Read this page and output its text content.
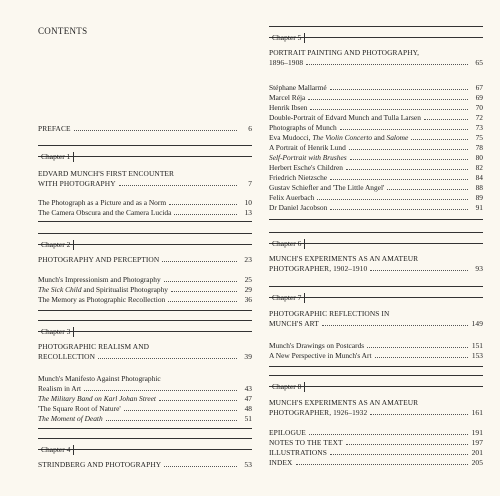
CONTENTS
PREFACE	6
Chapter 1
EDVARD MUNCH'S FIRST ENCOUNTER
WITH PHOTOGRAPHY	7
The Photograph as a Picture and as a Norm	10
The Camera Obscura and the Camera Lucida	13
Chapter 2
PHOTOGRAPHY AND PERCEPTION	23
Munch's Impressionism and Photography	25
The Sick Child and Spiritualist Photography	29
The Memory as Photographic Recollection	36
Chapter 3
PHOTOGRAPHIC REALISM AND
RECOLLECTION	39
Munch's Manifesto Against Photographic
Realism in Art	43
The Military Band on Karl Johan Street	47
'The Square Root of Nature'	48
The Moment of Death	51
Chapter 4
STRINDBERG AND PHOTOGRAPHY	53
Chapter 5
PORTRAIT PAINTING AND PHOTOGRAPHY,
1896–1908	65
Stéphane Mallarmé	67
Marcel Réja	69
Henrik Ibsen	70
Double-Portrait of Edvard Munch and Tulla Larsen	72
Photographs of Munch	73
Eva Mudocci, The Violin Concerto and Salome	75
A Portrait of Henrik Lund	78
Self-Portrait with Brushes	80
Herbert Esche's Children	82
Friedrich Nietzsche	84
Gustav Schiefler and 'The Little Angel'	88
Felix Auerbach	89
Dr Daniel Jacobson	91
Chapter 6
MUNCH'S EXPERIMENTS AS AN AMATEUR
PHOTOGRAPHER, 1902–1910	93
Chapter 7
PHOTOGRAPHIC REFLECTIONS IN
MUNCH'S ART	149
Munch's Drawings on Postcards	151
A New Perspective in Munch's Art	153
Chapter 8
MUNCH'S EXPERIMENTS AS AN AMATEUR
PHOTOGRAPHER, 1926–1932	161
EPILOGUE	191
NOTES TO THE TEXT	197
ILLUSTRATIONS	201
INDEX	205
